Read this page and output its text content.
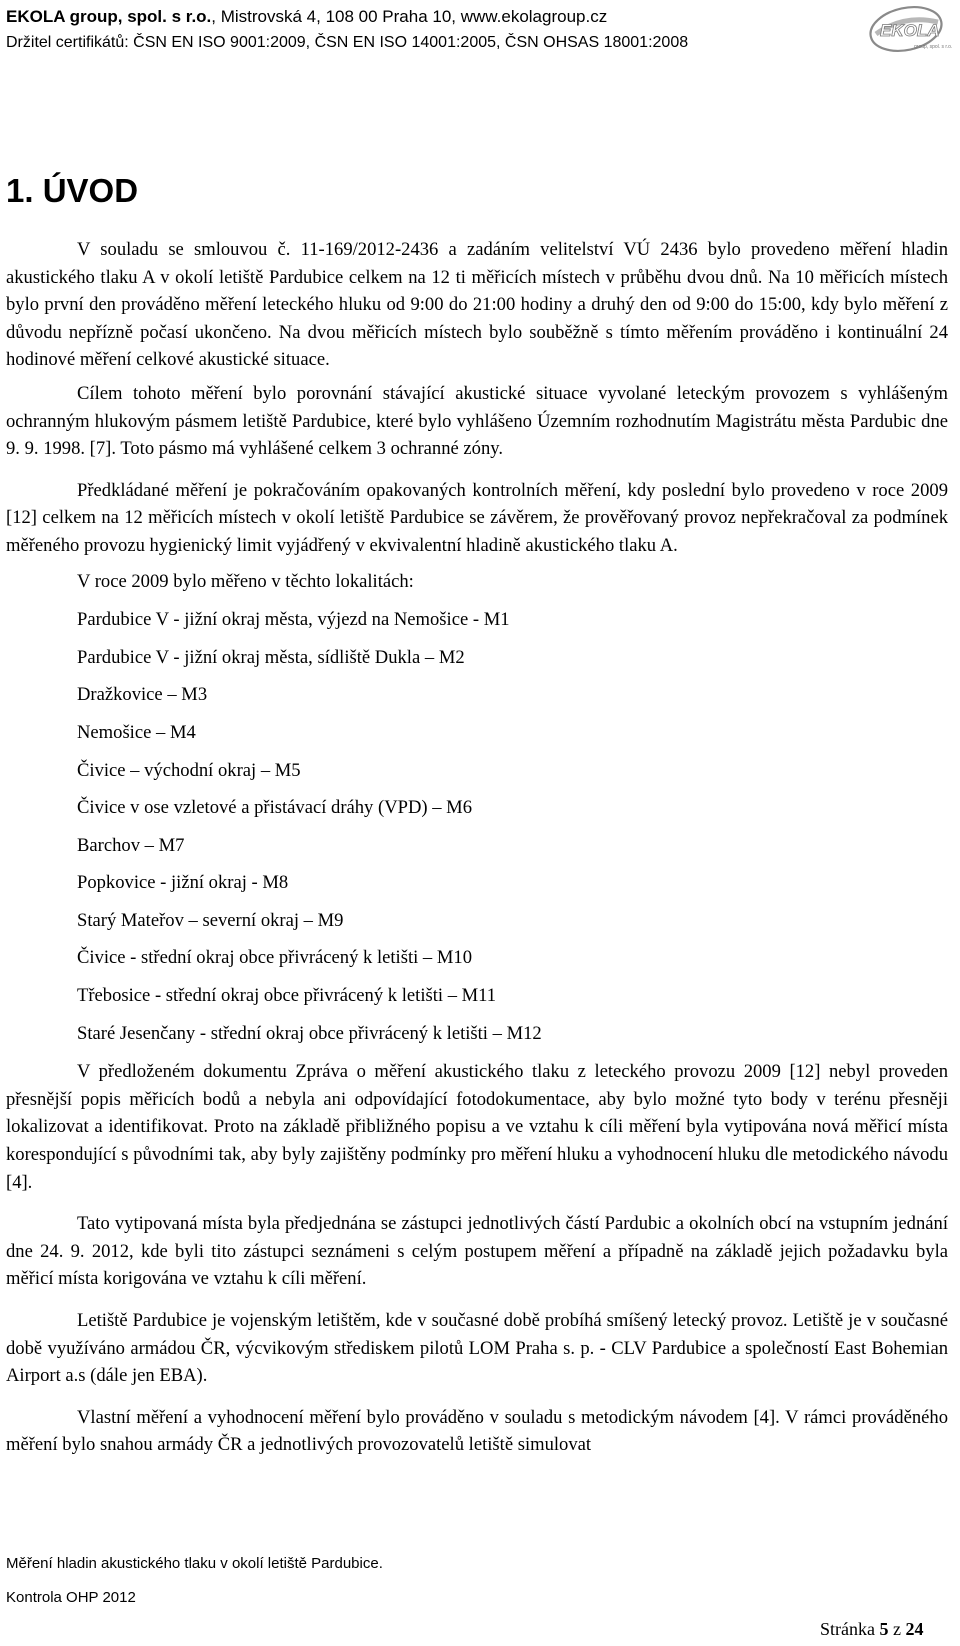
EKOLA group, spol. s r.o., Mistrovská 4, 108 00 Praha 10, www.ekolagroup.cz
Držitel certifikátů: ČSN EN ISO 9001:2009, ČSN EN ISO 14001:2005, ČSN OHSAS 18001:2008
EKOLA
group, spol. s r.o.
1. ÚVOD

V souladu se smlouvou č. 11-169/2012-2436 a zadáním velitelství VÚ 2436 bylo provedeno měření hladin akustického tlaku A v okolí letiště Pardubice celkem na 12 ti měřicích místech v průběhu dvou dnů. Na 10 měřicích místech bylo první den prováděno měření leteckého hluku od 9:00 do 21:00 hodiny a druhý den od 9:00 do 15:00, kdy bylo měření z důvodu nepřízně počasí ukončeno. Na dvou měřicích místech bylo souběžně s tímto měřením prováděno i kontinuální 24 hodinové měření celkové akustické situace.

Cílem tohoto měření bylo porovnání stávající akustické situace vyvolané leteckým provozem s vyhlášeným ochranným hlukovým pásmem letiště Pardubice, které bylo vyhlášeno Územním rozhodnutím Magistrátu města Pardubic dne 9. 9. 1998. [7]. Toto pásmo má vyhlášené celkem 3 ochranné zóny.

Předkládané měření je pokračováním opakovaných kontrolních měření, kdy poslední bylo provedeno v roce 2009 [12] celkem na 12 měřicích místech v okolí letiště Pardubice se závěrem, že prověřovaný provoz nepřekračoval za podmínek měřeného provozu hygienický limit vyjádřený v ekvivalentní hladině akustického tlaku A.

V roce 2009 bylo měřeno v těchto lokalitách:

Pardubice V - jižní okraj města, výjezd na Nemošice - M1
Pardubice V - jižní okraj města, sídliště Dukla – M2
Dražkovice – M3
Nemošice – M4
Čivice – východní okraj – M5
Čivice v ose vzletové a přistávací dráhy (VPD) – M6
Barchov – M7
Popkovice - jižní okraj - M8
Starý Mateřov – severní okraj – M9
Čivice - střední okraj obce přivrácený k letišti – M10
Třebosice - střední okraj obce přivrácený k letišti – M11
Staré Jesenčany - střední okraj obce přivrácený k letišti – M12

V předloženém dokumentu Zpráva o měření akustického tlaku z leteckého provozu 2009 [12] nebyl proveden přesnější popis měřicích bodů a nebyla ani odpovídající fotodokumentace, aby bylo možné tyto body v terénu přesněji lokalizovat a identifikovat. Proto na základě přibližného popisu a ve vztahu k cíli měření byla vytipována nová měřicí místa korespondující s původními tak, aby byly zajištěny podmínky pro měření hluku a vyhodnocení hluku dle metodického návodu [4].

Tato vytipovaná místa byla předjednána se zástupci jednotlivých částí Pardubic a okolních obcí na vstupním jednání dne 24. 9. 2012, kde byli tito zástupci seznámeni s celým postupem měření a případně na základě jejich požadavku byla měřicí místa korigována ve vztahu k cíli měření.

Letiště Pardubice je vojenským letištěm, kde v současné době probíhá smíšený letecký provoz. Letiště je v současné době využíváno armádou ČR, výcvikovým střediskem pilotů LOM Praha s. p. - CLV Pardubice a společností East Bohemian Airport a.s (dále jen EBA).

Vlastní měření a vyhodnocení měření bylo prováděno v souladu s metodickým návodem [4]. V rámci prováděného měření bylo snahou armády ČR a jednotlivých provozovatelů letiště simulovat

Měření hladin akustického tlaku v okolí letiště Pardubice.
Kontrola OHP 2012
Stránka 5 z 24
